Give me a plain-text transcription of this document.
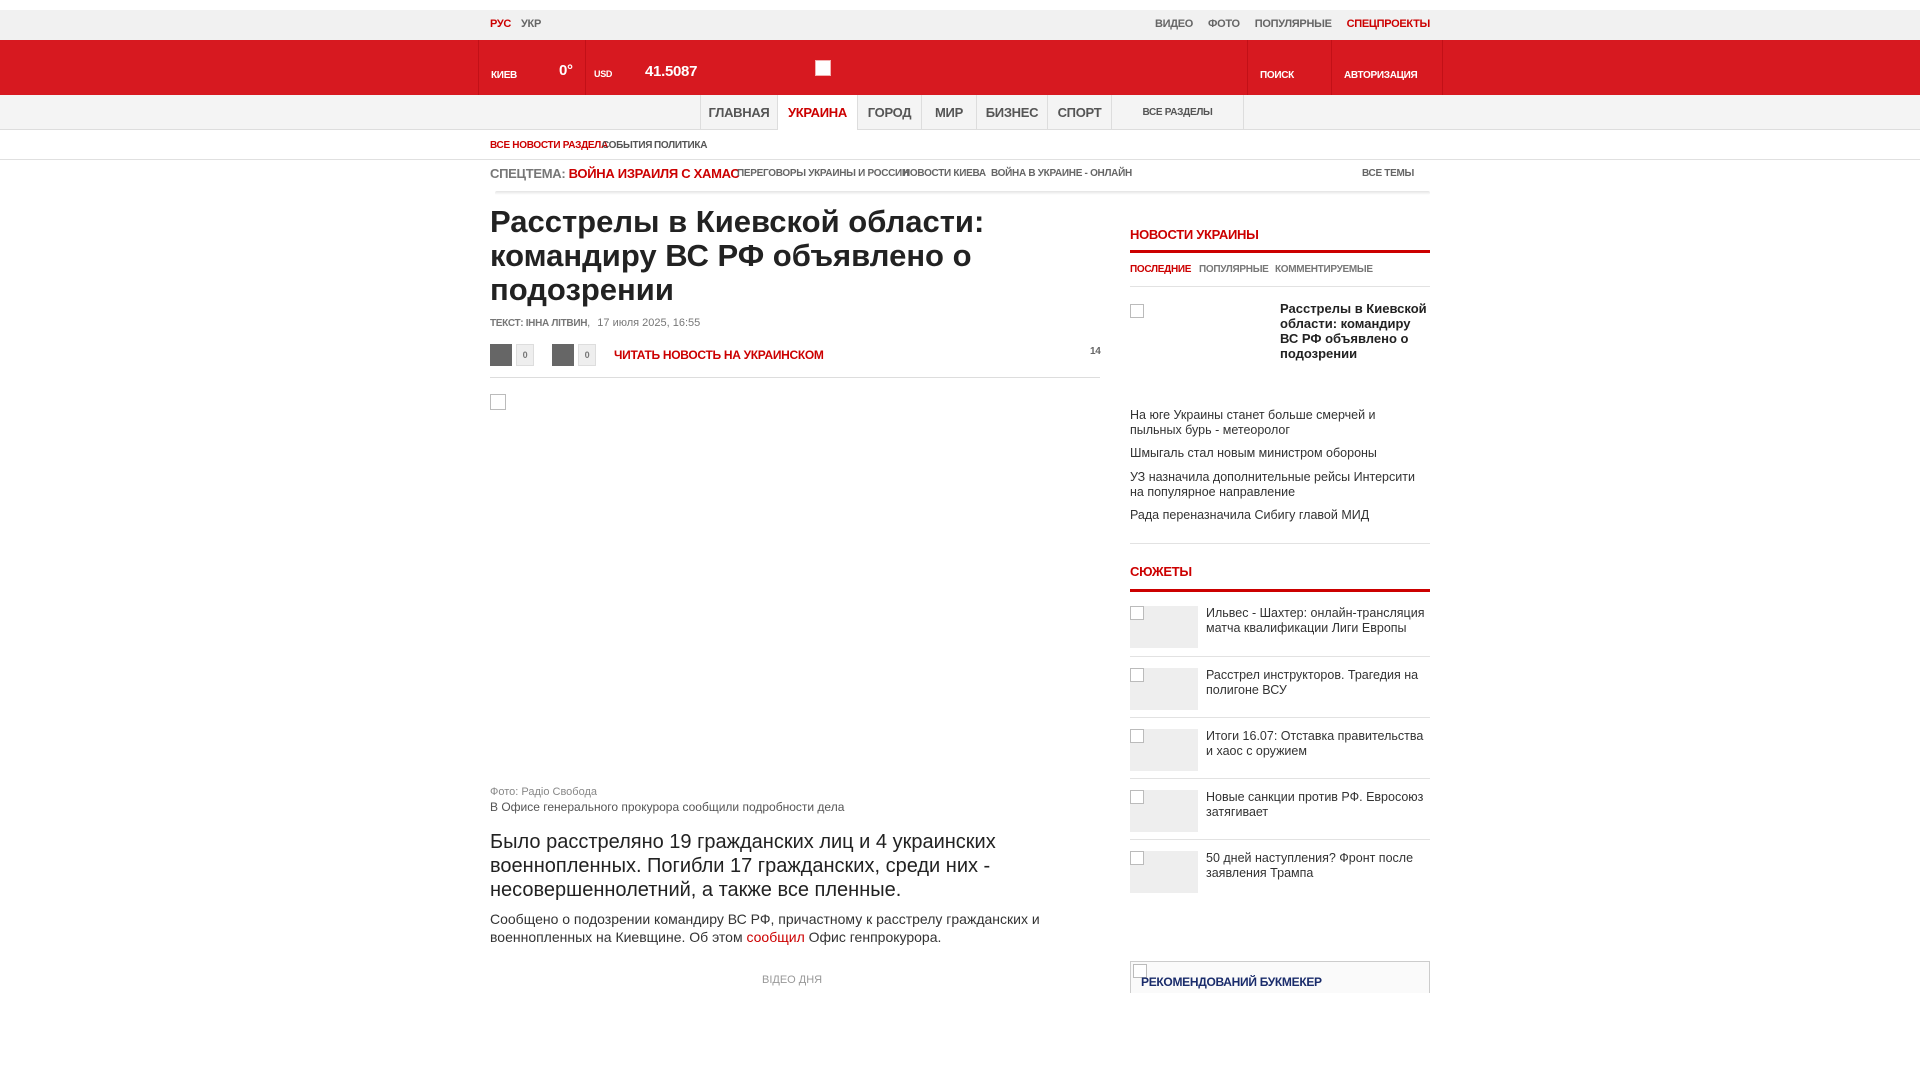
РУС УКР	ВИДЕО ФОТО ПОПУЛЯРНЫЕ СПЕЦПРОЕКТЫ
КИЕВ	0° USD 41.5087	ПОИСК	АВТОРИЗАЦИЯ
ГЛАВНАЯ	УКРАИНА	ГОРОД	МИР	БИЗНЕС	СПОРТ	ВСЕ РАЗДЕЛЫ
ВСЕ НОВОСТИ РАЗДЕЛА
СОБЫТИЯ ПОЛИТИКА
СПЕЦТЕМА: ВОЙНА ИЗРАИЛЯ С ХАМАС
ПЕРЕГОВОРЫ УКРАИНЫ И РОССИИ
НОВОСТИ КИЕВА ВОЙНА В УКРАИНЕ - ОНЛАЙН	ВСЕ ТЕМЫ
Расстрелы в Киевской области: командиру ВС РФ объявлено о подозрении
ТЕКСТ: ІННА ЛІТВИН, 17 июля 2025, 16:55
0	0	ЧИТАТЬ НОВОСТЬ НА УКРАИНСКОМ	14
Фото: Радіо Свобода
В Офисе генерального прокурора сообщили подробности дела

Было расстреляно 19 гражданских лиц и 4 украинских военнопленных. Погибли 17 гражданских, среди них - несовершеннолетний, а также все пленные.

Сообщено о подозрении командиру ВС РФ, причастному к расстрелу гражданских и военнопленных на Киевщине. Об этом сообщил Офис генпрокурора.

ВІДЕО ДНЯ
НОВОСТИ УКРАИНЫ
ПОСЛЕДНИЕ ПОПУЛЯРНЫЕ КОММЕНТИРУЕМЫЕ
Расстрелы в Киевской области: командиру ВС РФ объявлено о подозрении
На юге Украины станет больше смерчей и пыльных бурь - метеоролог
Шмыгаль стал новым министром обороны
УЗ назначила дополнительные рейсы Интерсити на популярное направление
Рада переназначила Сибигу главой МИД
СЮЖЕТЫ
Ильвес - Шахтер: онлайн-трансляция матча квалификации Лиги Европы
Расстрел инструкторов. Трагедия на полигоне ВСУ
Итоги 16.07: Отставка правительства и хаос с оружием
Новые санкции против РФ. Евросоюз затягивает
50 дней наступления? Фронт после заявления Трампа
РЕКОМЕНДОВАНИЙ БУКМЕКЕР
